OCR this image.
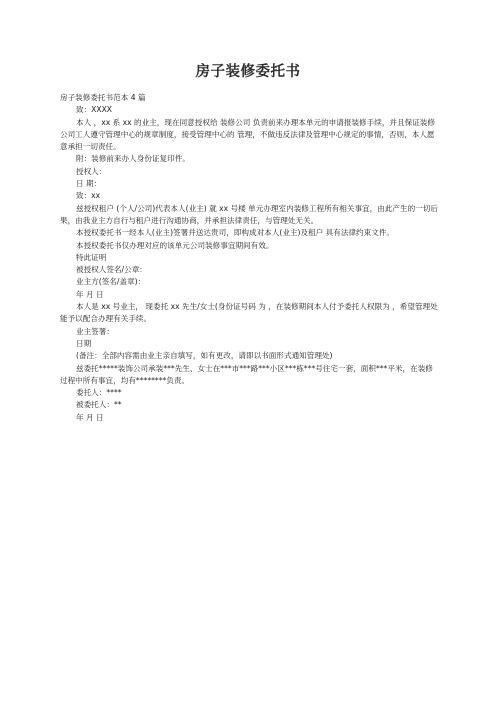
房子装修委托书

房子装修委托书范本 4 篇

致：XXXX

本人 ，xx 系 xx 的业主，现在同意授权给 装修公司 负责前来办理本单元的申请报装修手续，并且保证装修公司工人遵守管理中心的规章制度，接受管理中心的 管理，不做违反法律及管理中心规定的事情，否则，本人愿意承担一切责任。

附：装修前来办人身份证复印件。

授权人：

日 期：

致：xx

兹授权租户 (个人/公司)代表本人(业主) 就 xx 号楼 单元办理室内装修工程所有相关事宜，由此产生的一切后果，由我业主方自行与租户进行沟通协商，并承担法律责任，与管理处无关。

本授权委托书一经本人(业主)签署并送达贵司，即构成对本人(业主)及租户 具有法律约束文件。

本授权委托书仅办理对应的该单元公司装修事宜期间有效。

特此证明

被授权人签名/公章：

业主方(签名/盖章)：

年 月 日

本人是 xx 号业主， 现委托 xx 先生/女士(身份证号码 为 ，在装修期间本人付予委托人权限为 ，希望管理处能予以配合办理有关手续。

业主签署：

日期

(备注：全部内容需由业主亲自填写，如有更改，请即以书面形式通知管理处)

兹委托*****装饰公司承装***先生、女士在***市***路***小区***栋***号住宅一套，面积***平米，在装修过程中所有事宜，均有********负责。

委托人：****

被委托人：**

年 月 日
